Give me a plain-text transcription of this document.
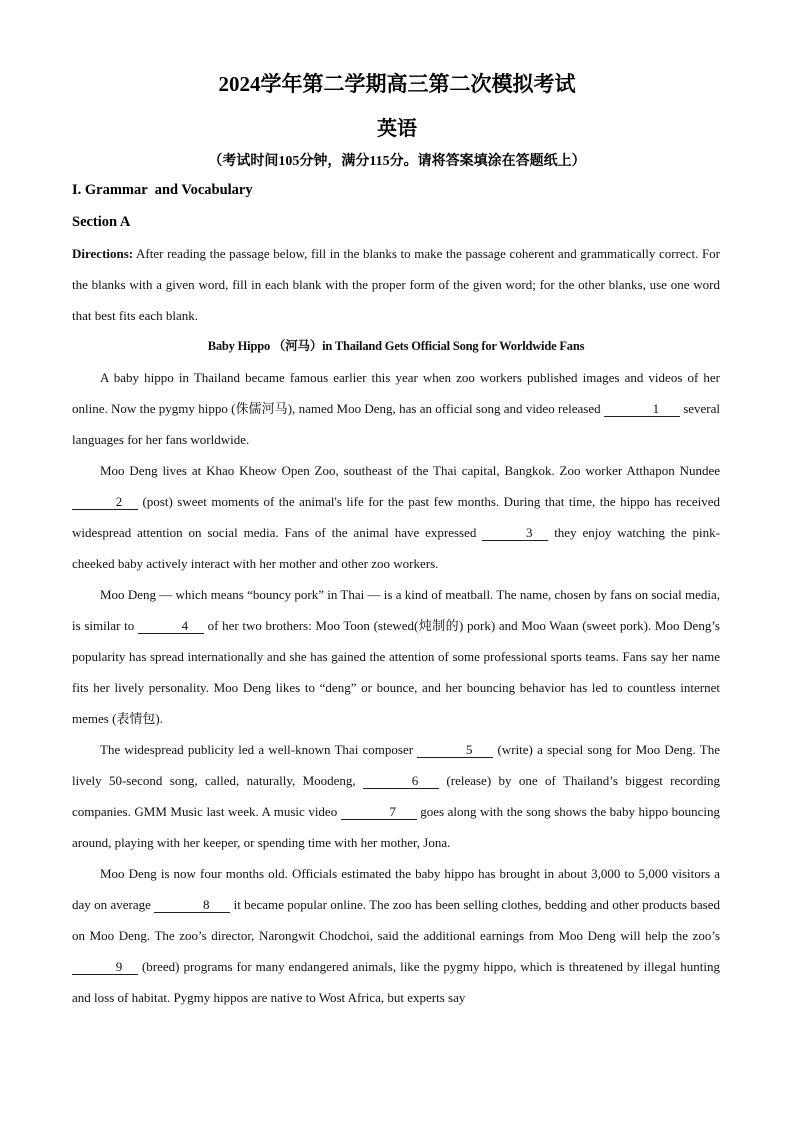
2024学年第二学期高三第二次模拟考试
英语
（考试时间105分钟，满分115分。请将答案填涂在答题纸上）
I. Grammar  and Vocabulary
Section A

Directions: After reading the passage below, fill in the blanks to make the passage coherent and grammatically correct. For the blanks with a given word, fill in each blank with the proper form of the given word; for the other blanks, use one word that best fits each blank.

Baby Hippo （河马）in Thailand Gets Official Song for Worldwide Fans

A baby hippo in Thailand became famous earlier this year when zoo workers published images and videos of her online. Now the pygmy hippo (侏儒河马), named Moo Deng, has an official song and video released	1 several languages for her fans worldwide.

Moo Deng lives at Khao Kheow Open Zoo, southeast of the Thai capital, Bangkok. Zoo worker Atthapon Nundee 2 (post) sweet moments of the animal's life for the past few months. During that time, the hippo has received widespread attention on social media. Fans of the animal have expressed	3 they enjoy watching the pink-cheeked baby actively interact with her mother and other zoo workers.

Moo Deng — which means “bouncy pork” in Thai — is a kind of meatball. The name, chosen by fans on social media, is similar to	4 of her two brothers: Moo Toon (stewed(炖制的) pork) and Moo Waan (sweet pork). Moo Deng’s popularity has spread internationally and she has gained the attention of some professional sports teams. Fans say her name fits her lively personality. Moo Deng likes to “deng” or bounce, and her bouncing behavior has led to countless internet memes (表情包).

The widespread publicity led a well-known Thai composer	5 (write) a special song for Moo Deng. The lively 50-second song, called, naturally, Moodeng,	6 (release) by one of Thailand’s biggest recording companies. GMM Music last week. A music video	7 goes along with the song shows the baby hippo bouncing around, playing with her keeper, or spending time with her mother, Jona.

Moo Deng is now four months old. Officials estimated the baby hippo has brought in about 3,000 to 5,000 visitors a day on average	8 it became popular online. The zoo has been selling clothes, bedding and other products based on Moo Deng. The zoo’s director, Narongwit Chodchoi, said the additional earnings from Moo Deng will help the zoo’s 9 (breed) programs for many endangered animals, like the pygmy hippo, which is threatened by illegal hunting and loss of habitat. Pygmy hippos are native to Wost Africa, but experts say
